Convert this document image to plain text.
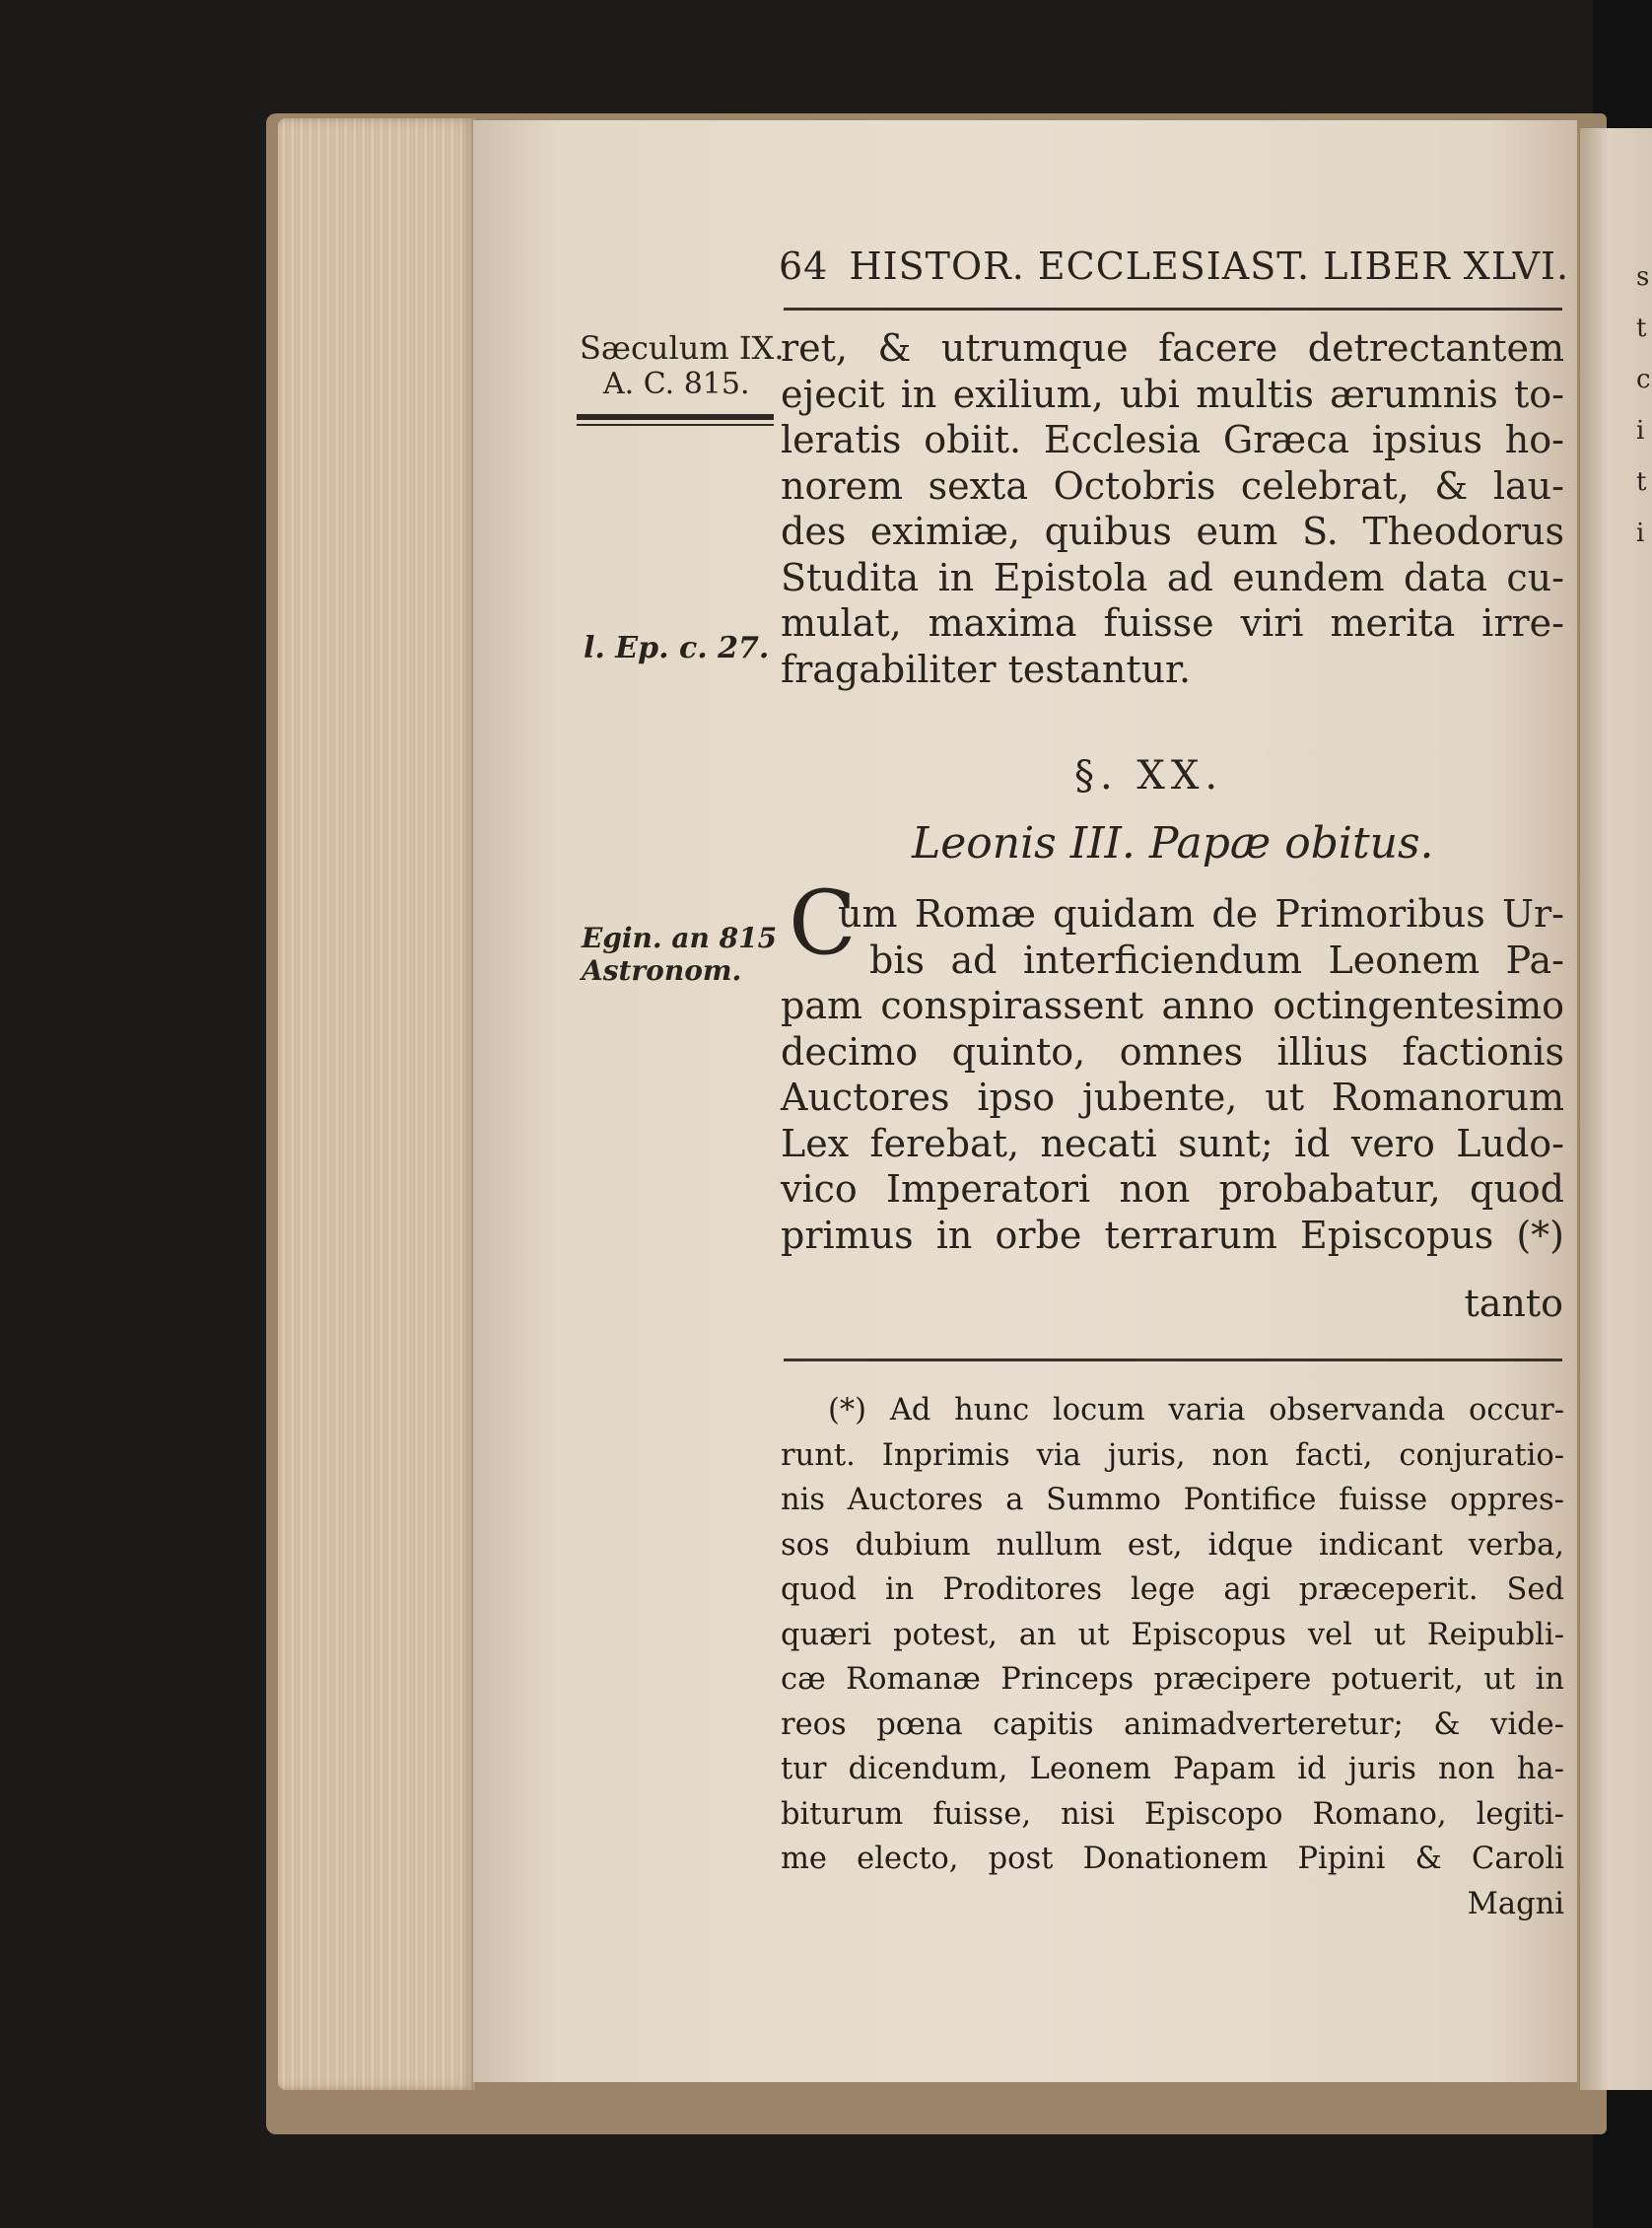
s
t
c
i
t
i
64 HISTOR. ECCLESIAST. LIBER XLVI.
Sæculum IX.
A. C. 815.
l. Ep. c. 27.
Egin. an 815
Astronom.
ret, & utrumque facere detrectantem
ejecit in exilium, ubi multis ærumnis to-
leratis obiit. Ecclesia Græca ipsius ho-
norem sexta Octobris celebrat, & lau-
des eximiæ, quibus eum S. Theodorus
Studita in Epistola ad eundem data cu-
mulat, maxima fuisse viri merita irre-
fragabiliter testantur.
§. XX.
Leonis III. Papæ obitus.
C
um Romæ quidam de Primoribus Ur-
bis ad interficiendum Leonem Pa-
pam conspirassent anno octingentesimo
decimo quinto, omnes illius factionis
Auctores ipso jubente, ut Romanorum
Lex ferebat, necati sunt; id vero Ludo-
vico Imperatori non probabatur, quod
primus in orbe terrarum Episcopus (*)
tanto
(*) Ad hunc locum varia observanda occur-
runt. Inprimis via juris, non facti, conjuratio-
nis Auctores a Summo Pontifice fuisse oppres-
sos dubium nullum est, idque indicant verba,
quod in Proditores lege agi præceperit. Sed
quæri potest, an ut Episcopus vel ut Reipubli-
cæ Romanæ Princeps præcipere potuerit, ut in
reos pœna capitis animadverteretur; & vide-
tur dicendum, Leonem Papam id juris non ha-
biturum fuisse, nisi Episcopo Romano, legiti-
me electo, post Donationem Pipini & Caroli
Magni
